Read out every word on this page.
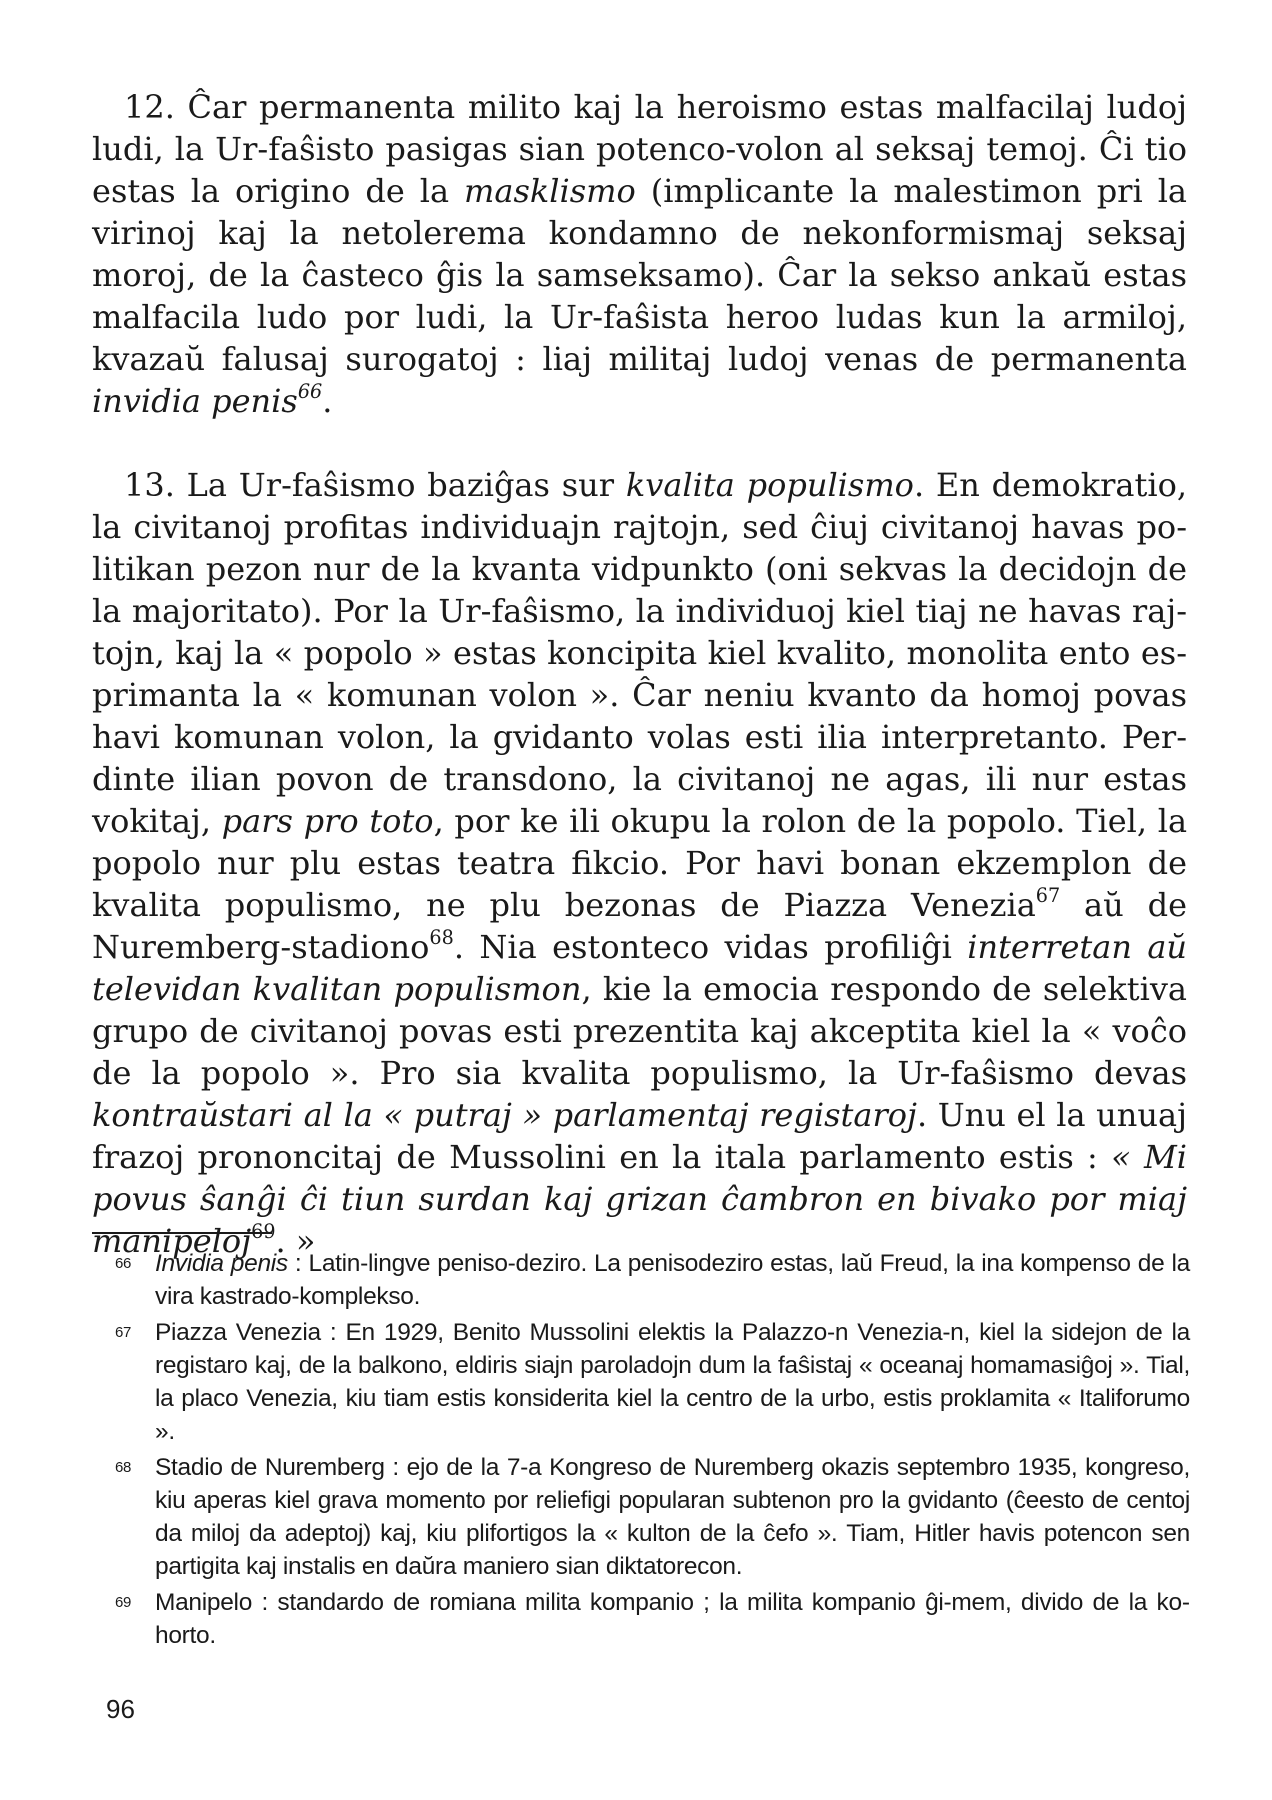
12. Ĉar permanenta milito kaj la heroismo estas malfacilaj ludoj ludi, la Ur-faŝisto pasigas sian potenco-volon al seksaj temoj. Ĉi tio estas la origino de la masklismo (implicante la malestimon pri la virinoj kaj la netolerema kondamno de nekonformismaj seksaj moroj, de la ĉasteco ĝis la samseksamo). Ĉar la sekso ankaŭ estas malfacila ludo por ludi, la Ur-faŝista heroo ludas kun la armiloj, kvazaŭ falusaj surogatoj : liaj militaj ludoj venas de permanenta invidia penis$^{66}$.

13. La Ur-faŝismo baziĝas sur kvalita populismo. En demokratio, la civitanoj profitas individuajn rajtojn, sed ĉiuj civitanoj havas politikan pezon nur de la kvanta vidpunkto (oni sekvas la decidojn de la majoritato). Por la Ur-faŝismo, la individuoj kiel tiaj ne havas rajtojn, kaj la « popolo » estas koncipita kiel kvalito, monolita ento esprimanta la « komunan volon ». Ĉar neniu kvanto da homoj povas havi komunan volon, la gvidanto volas esti ilia interpretanto. Perdinte ilian povon de transdono, la civitanoj ne agas, ili nur estas vokitaj, pars pro toto, por ke ili okupu la rolon de la popolo. Tiel, la popolo nur plu estas teatra fikcio. Por havi bonan ekzemplon de kvalita populismo, ne plu bezonas de Piazza Venezia$^{67}$ aŭ de Nuremberg-stadiono$^{68}$. Nia estonteco vidas profiliĝi interretan aŭ televidan kvalitan populismon, kie la emocia respondo de selektiva grupo de civitanoj povas esti prezentita kaj akceptita kiel la « voĉo de la popolo ». Pro sia kvalita populismo, la Ur-faŝismo devas kontraŭstari al la « putraj » parlamentaj registaroj. Unu el la unuaj frazoj prononcitaj de Mussolini en la itala parlamento estis : « Mi povus ŝanĝi ĉi tiun surdan kaj grizan ĉambron en bivako por miaj manipeloj$^{69}$. »

66 Invidia penis : Latin-lingve peniso-deziro. La penisodeziro estas, laŭ Freud, la ina kompenso de la vira kastrado-komplekso.
67 Piazza Venezia : En 1929, Benito Mussolini elektis la Palazzo-n Venezia-n, kiel la sidejon de la registaro kaj, de la balkono, eldiris siajn paroladojn dum la faŝistaj « oceanaj homamasiĝoj ». Tial, la placo Venezia, kiu tiam estis konsiderita kiel la centro de la urbo, estis proklamita « Italiforumo ».
68 Stadio de Nuremberg : ejo de la 7-a Kongreso de Nuremberg okazis septembro 1935, kongreso, kiu aperas kiel grava momento por reliefigi popularan subtenon pro la gvidanto (ĉeesto de centoj da miloj da adeptoj) kaj, kiu plifortigos la « kulton de la ĉefo ». Tiam, Hitler havis potencon sen partigita kaj instalis en daŭra maniero sian diktatorecon.
69 Manipelo : standardo de romiana milita kompanio ; la milita kompanio ĝi-mem, divido de la kohorto.
96
